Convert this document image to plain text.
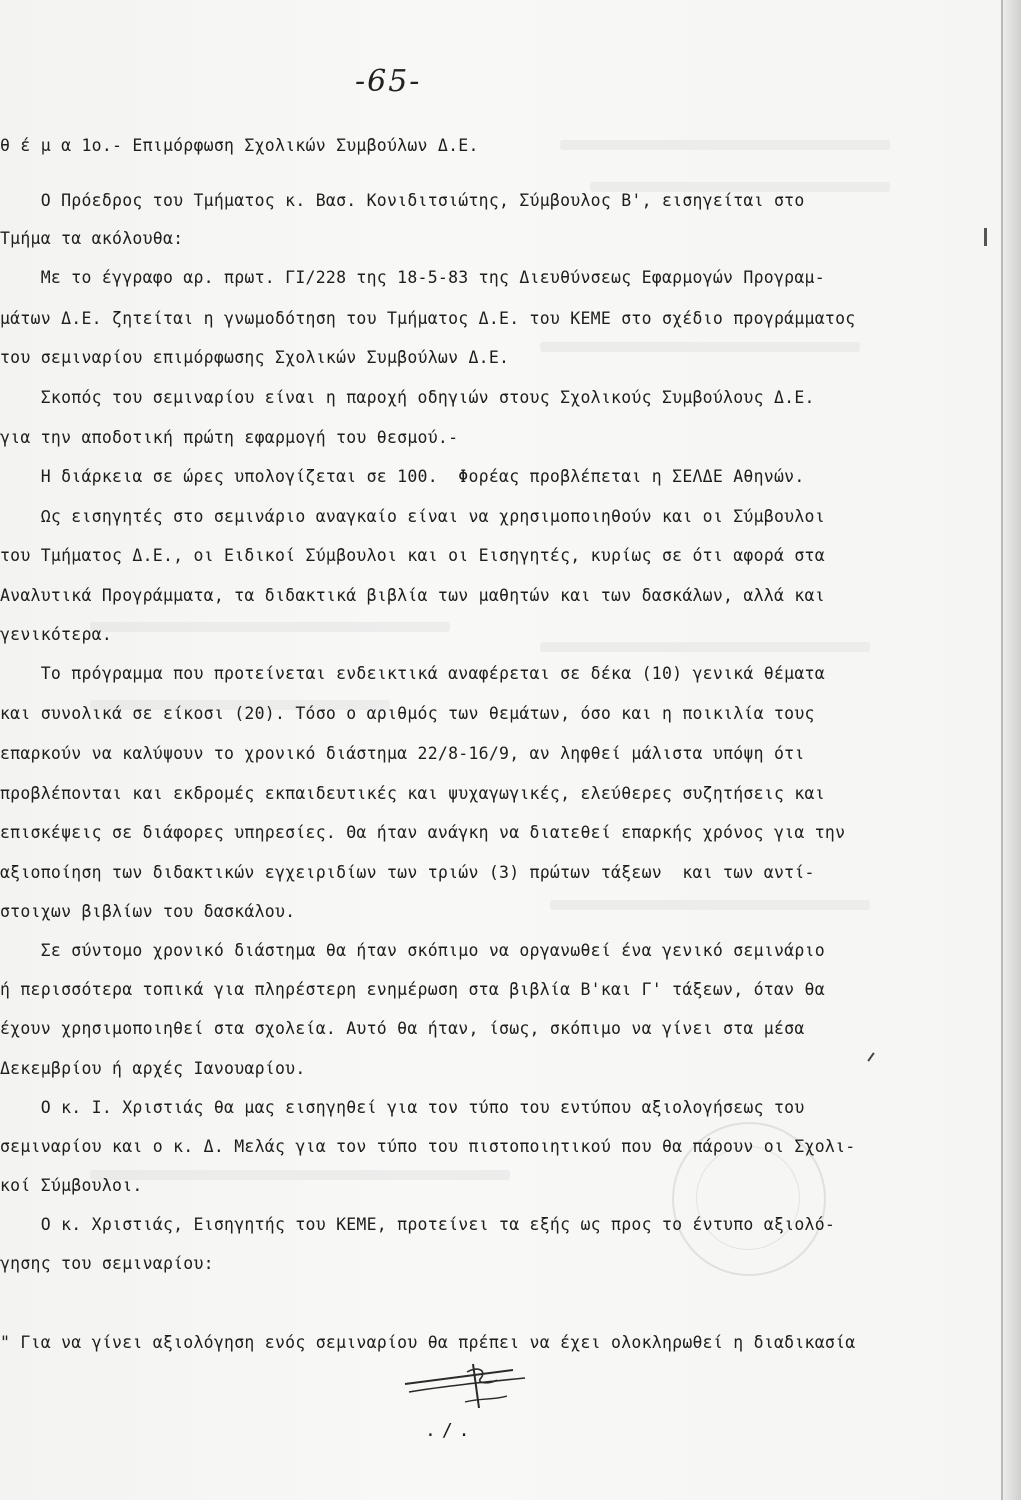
-65-
θ έ μ α 1ο.- Επιμόρφωση Σχολικών Συμβούλων Δ.Ε.
Ο Πρόεδρος του Τμήματος κ. Βασ. Κονιδιτσιώτης, Σύμβουλος Β', εισηγείται στο
Τμήμα τα ακόλουθα:
Με το έγγραφο αρ. πρωτ. ΓΙ/228 της 18-5-83 της Διευθύνσεως Εφαρμογών Προγραμ-
μάτων Δ.Ε. ζητείται η γνωμοδότηση του Τμήματος Δ.Ε. του ΚΕΜΕ στο σχέδιο προγράμματος
του σεμιναρίου επιμόρφωσης Σχολικών Συμβούλων Δ.Ε.
Σκοπός του σεμιναρίου είναι η παροχή οδηγιών στους Σχολικούς Συμβούλους Δ.Ε.
για την αποδοτική πρώτη εφαρμογή του θεσμού.-
Η διάρκεια σε ώρες υπολογίζεται σε 100.  Φορέας προβλέπεται η ΣΕΛΔΕ Αθηνών.
Ως εισηγητές στο σεμινάριο αναγκαίο είναι να χρησιμοποιηθούν και οι Σύμβουλοι
του Τμήματος Δ.Ε., οι Ειδικοί Σύμβουλοι και οι Εισηγητές, κυρίως σε ότι αφορά στα
Αναλυτικά Προγράμματα, τα διδακτικά βιβλία των μαθητών και των δασκάλων, αλλά και
γενικότερα.
Το πρόγραμμα που προτείνεται ενδεικτικά αναφέρεται σε δέκα (10) γενικά θέματα
και συνολικά σε είκοσι (20). Τόσο ο αριθμός των θεμάτων, όσο και η ποικιλία τους
επαρκούν να καλύψουν το χρονικό διάστημα 22/8-16/9, αν ληφθεί μάλιστα υπόψη ότι
προβλέπονται και εκδρομές εκπαιδευτικές και ψυχαγωγικές, ελεύθερες συζητήσεις και
επισκέψεις σε διάφορες υπηρεσίες. Θα ήταν ανάγκη να διατεθεί επαρκής χρόνος για την
αξιοποίηση των διδακτικών εγχειριδίων των τριών (3) πρώτων τάξεων  και των αντί-
στοιχων βιβλίων του δασκάλου.
Σε σύντομο χρονικό διάστημα θα ήταν σκόπιμο να οργανωθεί ένα γενικό σεμινάριο
ή περισσότερα τοπικά για πληρέστερη ενημέρωση στα βιβλία Β'και Γ' τάξεων, όταν θα
έχουν χρησιμοποιηθεί στα σχολεία. Αυτό θα ήταν, ίσως, σκόπιμο να γίνει στα μέσα
Δεκεμβρίου ή αρχές Ιανουαρίου.
Ο κ. Ι. Χριστιάς θα μας εισηγηθεί για τον τύπο του εντύπου αξιολογήσεως του
σεμιναρίου και ο κ. Δ. Μελάς για τον τύπο του πιστοποιητικού που θα πάρουν οι Σχολι-
κοί Σύμβουλοι.
Ο κ. Χριστιάς, Εισηγητής του ΚΕΜΕ, προτείνει τα εξής ως προς το έντυπο αξιολό-
γησης του σεμιναρίου:
" Για να γίνει αξιολόγηση ενός σεμιναρίου θα πρέπει να έχει ολοκληρωθεί η διαδικασία
./.
